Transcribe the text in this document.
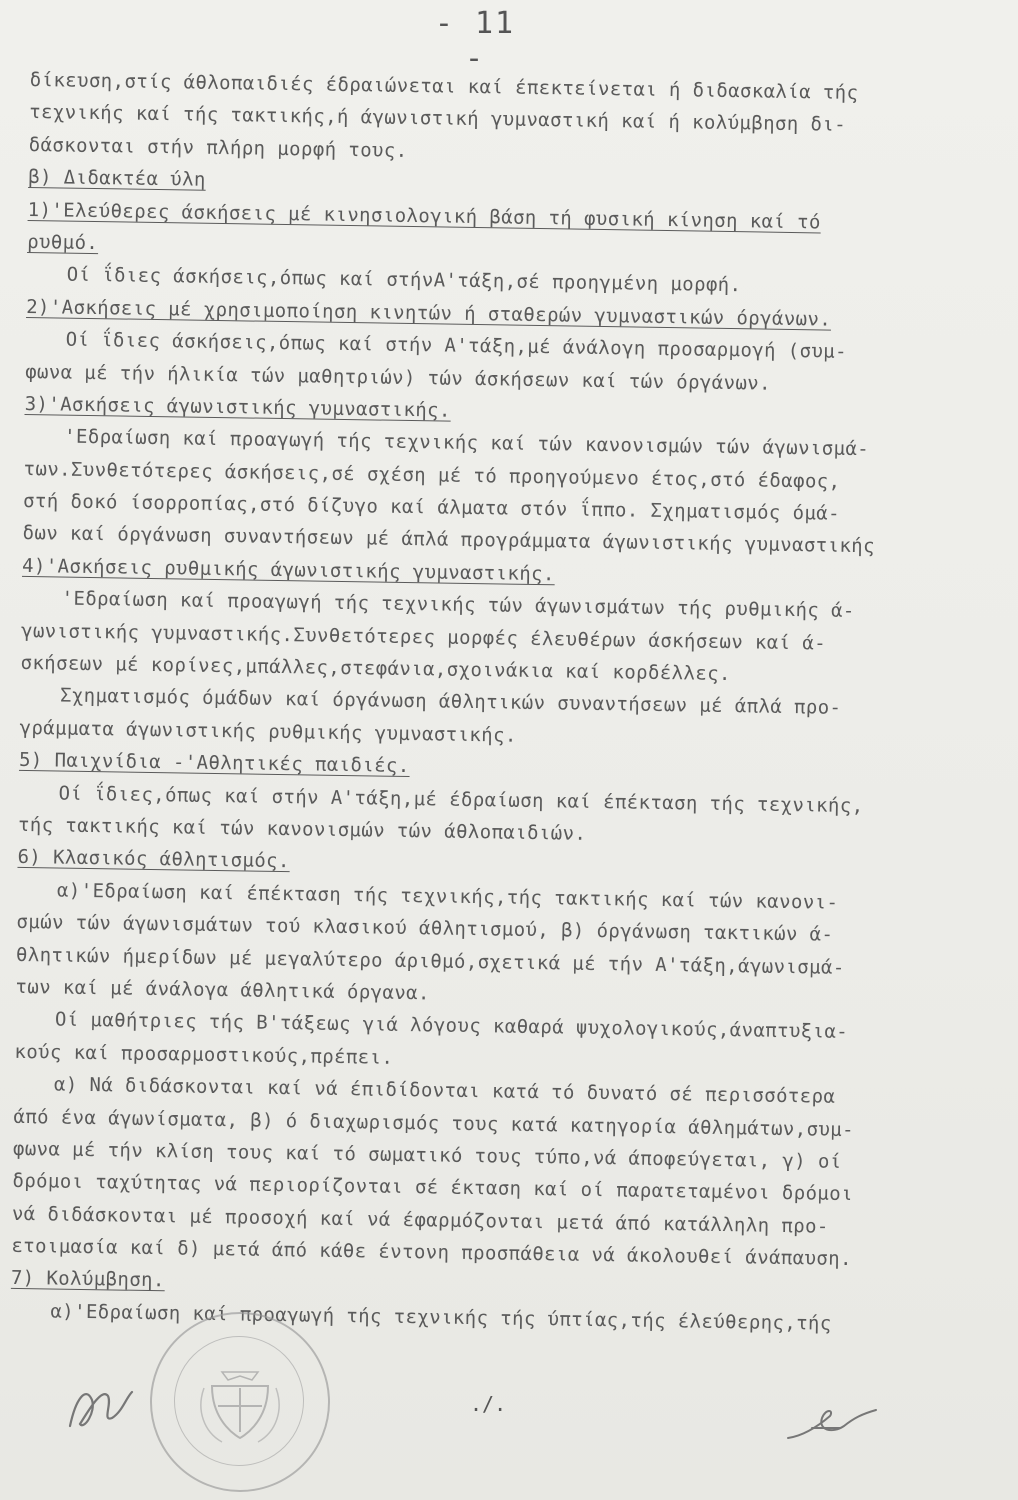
- 11 -
δίκευση,στίς άθλοπαιδιές έδραιώνεται καί έπεκτείνεται ή διδασκαλία τής
τεχνικής καί τής τακτικής,ή άγωνιστική γυμναστική καί ή κολύμβηση δι-
δάσκονται στήν πλήρη μορφή τους.
β) Διδακτέα ύλη
1)'Ελεύθερες άσκήσεις μέ κινησιολογική βάση τή φυσική κίνηση καί τό
ρυθμό.
Οί ΐδιες άσκήσεις,όπως καί στήνΑ'τάξη,σέ προηγμένη μορφή.
2)'Ασκήσεις μέ χρησιμοποίηση κινητών ή σταθερών γυμναστικών όργάνων.
Οί ΐδιες άσκήσεις,όπως καί στήν Α'τάξη,μέ άνάλογη προσαρμογή (συμ-
φωνα μέ τήν ήλικία τών μαθητριών) τών άσκήσεων καί τών όργάνων.
3)'Ασκήσεις άγωνιστικής γυμναστικής.
'Εδραίωση καί προαγωγή τής τεχνικής καί τών κανονισμών τών άγωνισμά-
των.Συνθετότερες άσκήσεις,σέ σχέση μέ τό προηγούμενο έτος,στό έδαφος,
στή δοκό ίσορροπίας,στό δίζυγο καί άλματα στόν ΐππο. Σχηματισμός όμά-
δων καί όργάνωση συναντήσεων μέ άπλά προγράμματα άγωνιστικής γυμναστικής
4)'Ασκήσεις ρυθμικής άγωνιστικής γυμναστικής.
'Εδραίωση καί προαγωγή τής τεχνικής τών άγωνισμάτων τής ρυθμικής ά-
γωνιστικής γυμναστικής.Συνθετότερες μορφές έλευθέρων άσκήσεων καί ά-
σκήσεων μέ κορίνες,μπάλλες,στεφάνια,σχοινάκια καί κορδέλλες.
Σχηματισμός όμάδων καί όργάνωση άθλητικών συναντήσεων μέ άπλά προ-
γράμματα άγωνιστικής ρυθμικής γυμναστικής.
5) Παιχνίδια -'Αθλητικές παιδιές.
Οί ΐδιες,όπως καί στήν Α'τάξη,μέ έδραίωση καί έπέκταση τής τεχνικής,
τής τακτικής καί τών κανονισμών τών άθλοπαιδιών.
6) Κλασικός άθλητισμός.
α)'Εδραίωση καί έπέκταση τής τεχνικής,τής τακτικής καί τών κανονι-
σμών τών άγωνισμάτων τού κλασικού άθλητισμού, β) όργάνωση τακτικών ά-
θλητικών ήμερίδων μέ μεγαλύτερο άριθμό,σχετικά μέ τήν Α'τάξη,άγωνισμά-
των καί μέ άνάλογα άθλητικά όργανα.
Οί μαθήτριες τής Β'τάξεως γιά λόγους καθαρά ψυχολογικούς,άναπτυξια-
κούς καί προσαρμοστικούς,πρέπει.
α) Νά διδάσκονται καί νά έπιδίδονται κατά τό δυνατό σέ περισσότερα
άπό ένα άγωνίσματα, β) ό διαχωρισμός τους κατά κατηγορία άθλημάτων,συμ-
φωνα μέ τήν κλίση τους καί τό σωματικό τους τύπο,νά άποφεύγεται, γ) οί
δρόμοι ταχύτητας νά περιορίζονται σέ έκταση καί οί παρατεταμένοι δρόμοι
νά διδάσκονται μέ προσοχή καί νά έφαρμόζονται μετά άπό κατάλληλη προ-
ετοιμασία καί δ) μετά άπό κάθε έντονη προσπάθεια νά άκολουθεί άνάπαυση.
7) Κολύμβηση.
α)'Εδραίωση καί προαγωγή τής τεχνικής τής ύπτίας,τής έλεύθερης,τής
./.
